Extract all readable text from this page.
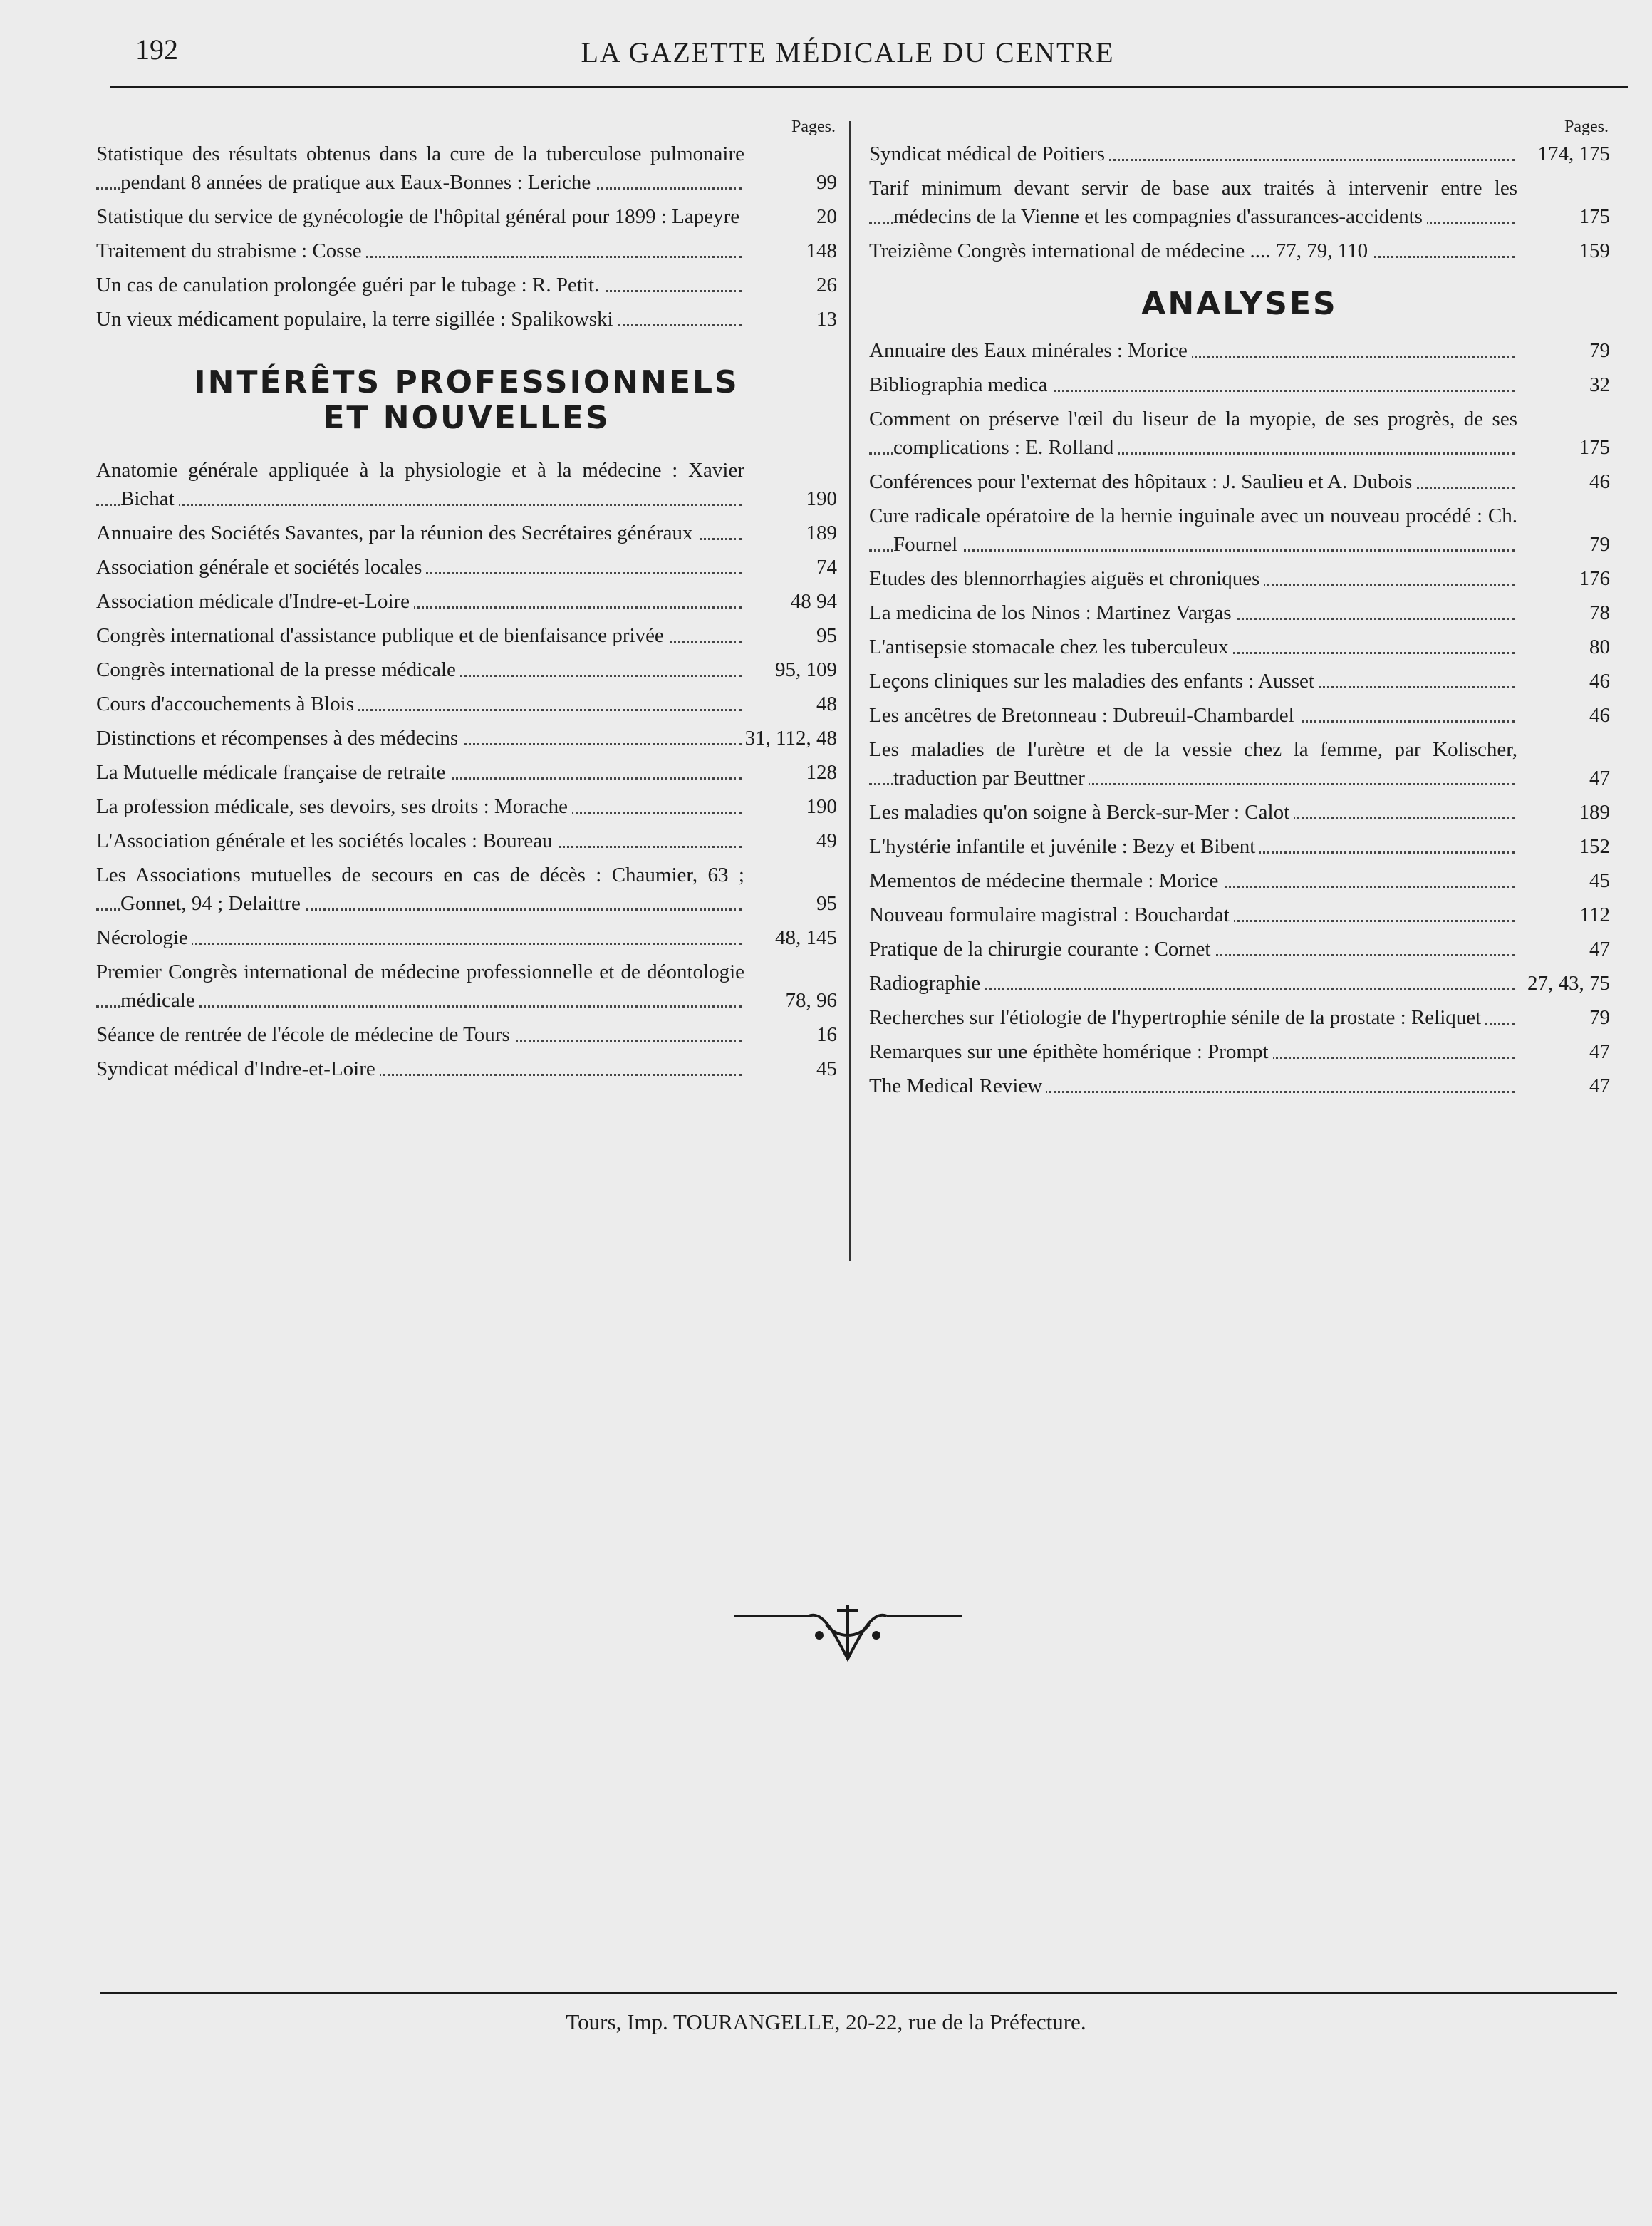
192	LA GAZETTE MÉDICALE DU CENTRE
Pages.
Statistique des résultats obtenus dans la cure de la tuberculose pulmonaire pendant 8 années de pratique aux Eaux-Bonnes : Leriche	99
Statistique du service de gynécologie de l'hôpital général pour 1899 : Lapeyre	20
Traitement du strabisme : Cosse	148
Un cas de canulation prolongée guéri par le tubage : R. Petit.	26
Un vieux médicament populaire, la terre sigillée : Spalikowski	13
INTÉRÊTS PROFESSIONNELS
ET NOUVELLES
Anatomie générale appliquée à la physiologie et à la médecine : Xavier Bichat	190
Annuaire des Sociétés Savantes, par la réunion des Secrétaires généraux	189
Association générale et sociétés locales	74
Association médicale d'Indre-et-Loire	48 94
Congrès international d'assistance publique et de bienfaisance privée	95
Congrès international de la presse médicale	95, 109
Cours d'accouchements à Blois	48
Distinctions et récompenses à des médecins	31, 112, 48
La Mutuelle médicale française de retraite	128
La profession médicale, ses devoirs, ses droits : Morache	190
L'Association générale et les sociétés locales : Boureau	49
Les Associations mutuelles de secours en cas de décès : Chaumier, 63 ; Gonnet, 94 ; Delaittre	95
Nécrologie	48, 145
Premier Congrès international de médecine professionnelle et de déontologie médicale	78, 96
Séance de rentrée de l'école de médecine de Tours	16
Syndicat médical d'Indre-et-Loire	45
Pages.
Syndicat médical de Poitiers	174, 175
Tarif minimum devant servir de base aux traités à intervenir entre les médecins de la Vienne et les compagnies d'assurances-accidents	175
Treizième Congrès international de médecine .... 77, 79, 110	159
ANALYSES
Annuaire des Eaux minérales : Morice	79
Bibliographia medica	32
Comment on préserve l'œil du liseur de la myopie, de ses progrès, de ses complications : E. Rolland	175
Conférences pour l'externat des hôpitaux : J. Saulieu et A. Dubois	46
Cure radicale opératoire de la hernie inguinale avec un nouveau procédé : Ch. Fournel	79
Etudes des blennorrhagies aiguës et chroniques	176
La medicina de los Ninos : Martinez Vargas	78
L'antisepsie stomacale chez les tuberculeux	80
Leçons cliniques sur les maladies des enfants : Ausset	46
Les ancêtres de Bretonneau : Dubreuil-Chambardel	46
Les maladies de l'urètre et de la vessie chez la femme, par Kolischer, traduction par Beuttner	47
Les maladies qu'on soigne à Berck-sur-Mer : Calot	189
L'hystérie infantile et juvénile : Bezy et Bibent	152
Mementos de médecine thermale : Morice	45
Nouveau formulaire magistral : Bouchardat	112
Pratique de la chirurgie courante : Cornet	47
Radiographie	27, 43, 75
Recherches sur l'étiologie de l'hypertrophie sénile de la prostate : Reliquet	79
Remarques sur une épithète homérique : Prompt	47
The Medical Review	47
Tours, Imp. TOURANGELLE, 20-22, rue de la Préfecture.
